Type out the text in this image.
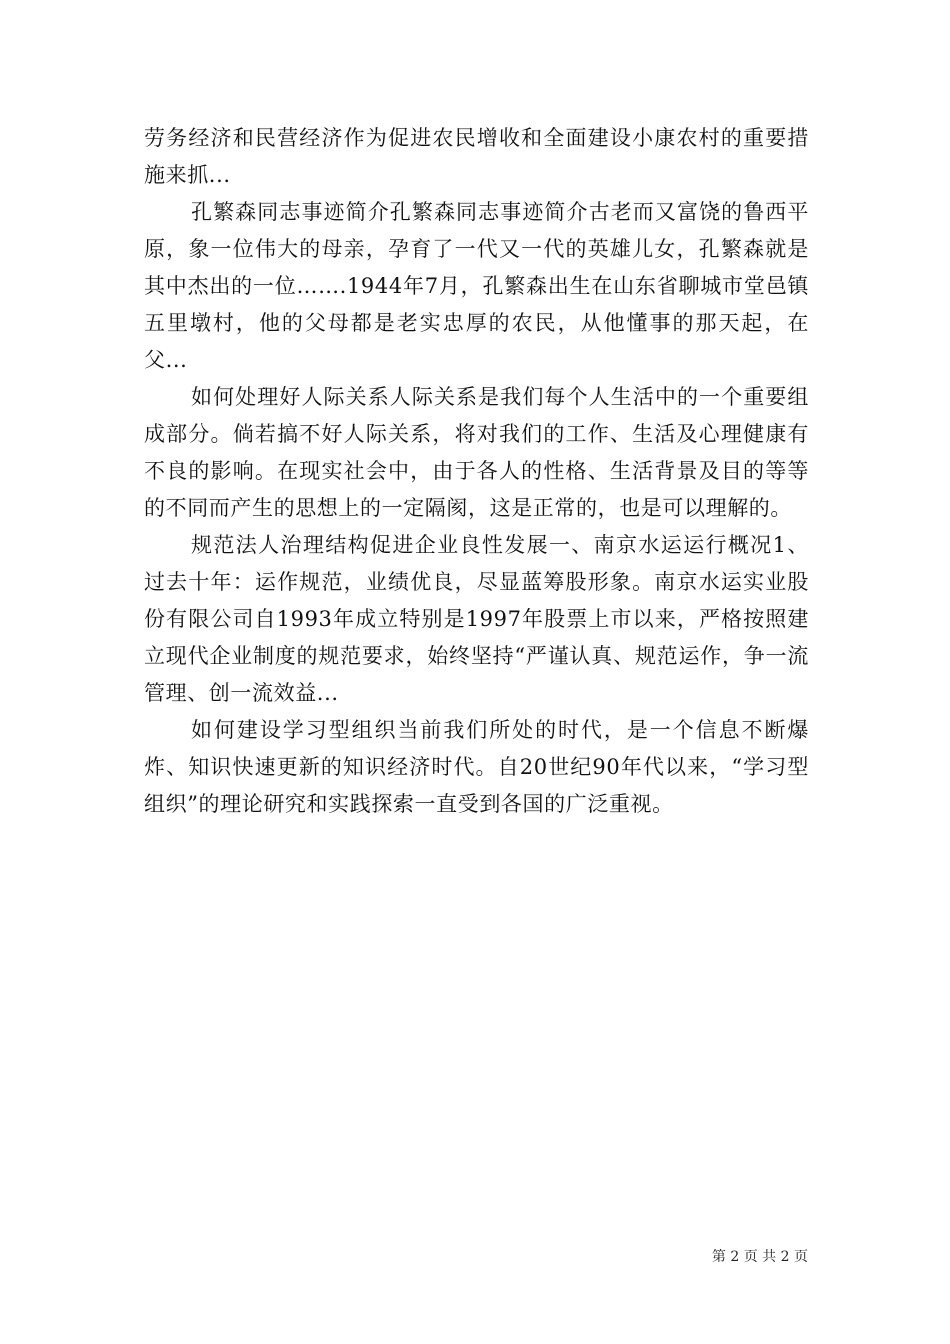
劳务经济和民营经济作为促进农民增收和全面建设小康农村的重要措施来抓...

孔繁森同志事迹简介孔繁森同志事迹简介古老而又富饶的鲁西平原，象一位伟大的母亲，孕育了一代又一代的英雄儿女，孔繁森就是其中杰出的一位…….1944年7月，孔繁森出生在山东省聊城市堂邑镇五里墩村，他的父母都是老实忠厚的农民，从他懂事的那天起，在父...

如何处理好人际关系人际关系是我们每个人生活中的一个重要组成部分。倘若搞不好人际关系，将对我们的工作、生活及心理健康有不良的影响。在现实社会中，由于各人的性格、生活背景及目的等等的不同而产生的思想上的一定隔阂，这是正常的，也是可以理解的。

规范法人治理结构促进企业良性发展一、南京水运运行概况1、过去十年：运作规范，业绩优良，尽显蓝筹股形象。南京水运实业股份有限公司自1993年成立特别是1997年股票上市以来，严格按照建立现代企业制度的规范要求，始终坚持“严谨认真、规范运作，争一流管理、创一流效益...

如何建设学习型组织当前我们所处的时代，是一个信息不断爆炸、知识快速更新的知识经济时代。自20世纪90年代以来，“学习型组织”的理论研究和实践探索一直受到各国的广泛重视。

第 2 页 共 2 页
